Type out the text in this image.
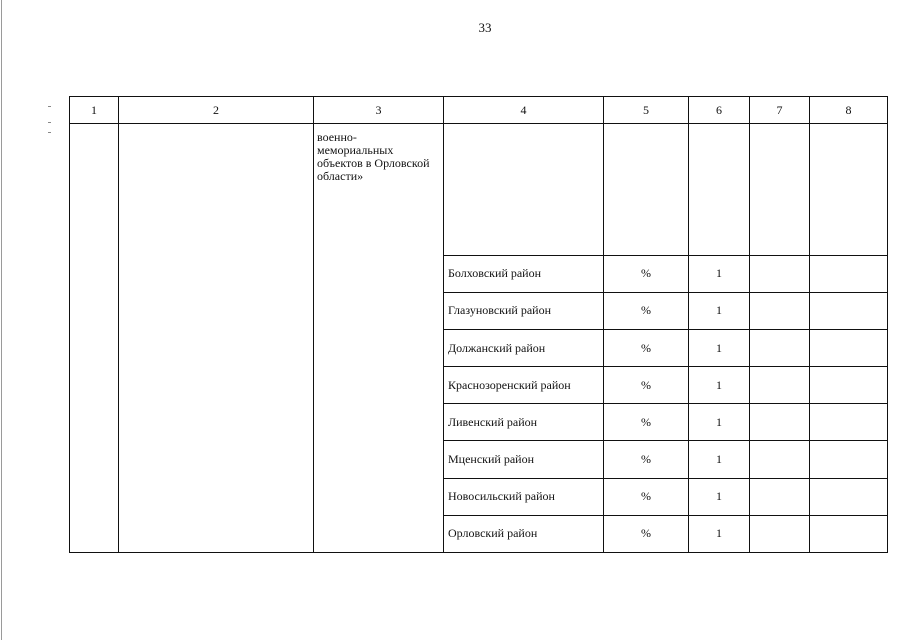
33
1	2	3	4	5	6	7	8

		военно-
мемориальных
объектов в Орловской
области»					

			Болховский район	%	1		
			Глазуновский район	%	1		
			Должанский район	%	1		
			Краснозоренский район	%	1		
			Ливенский район	%	1		
			Мценский район	%	1		
			Новосильский район	%	1		
			Орловский район	%	1		
